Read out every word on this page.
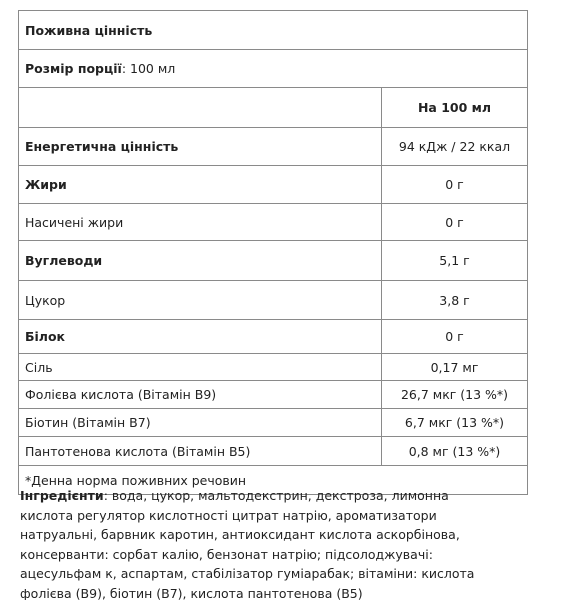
Поживна цінність
Розмір порції : 100 мл
На 100 мл
Енергетична цінність	94 кДж / 22 ккал
Жири	0 г
Насичені жири	0 г
Вуглеводи	5,1 г
Цукор	3,8 г
Білок	0 г
Сіль	0,17 мг
Фолієва кислота (Вітамін B9)	26,7 мкг (13 %*)
Біотин (Вітамін B7)	6,7 мкг (13 %*)
Пантотенова кислота (Вітамін B5)	0,8 мг (13 %*)
*Денна норма поживних речовин
Інгредієнти: вода, цукор, мальтодекстрин, декстроза, лимонна кислота регулятор кислотності цитрат натрію, ароматизатори натруальні, барвник каротин, антиоксидант кислота аскорбінова, консерванти: сорбат калію, бензонат натрію; підсолоджувачі: ацесульфам к, аспартам, стабілізатор гуміарабак; вітаміни: кислота фолієва (B9), біотин (B7), кислота пантотенова (B5)
